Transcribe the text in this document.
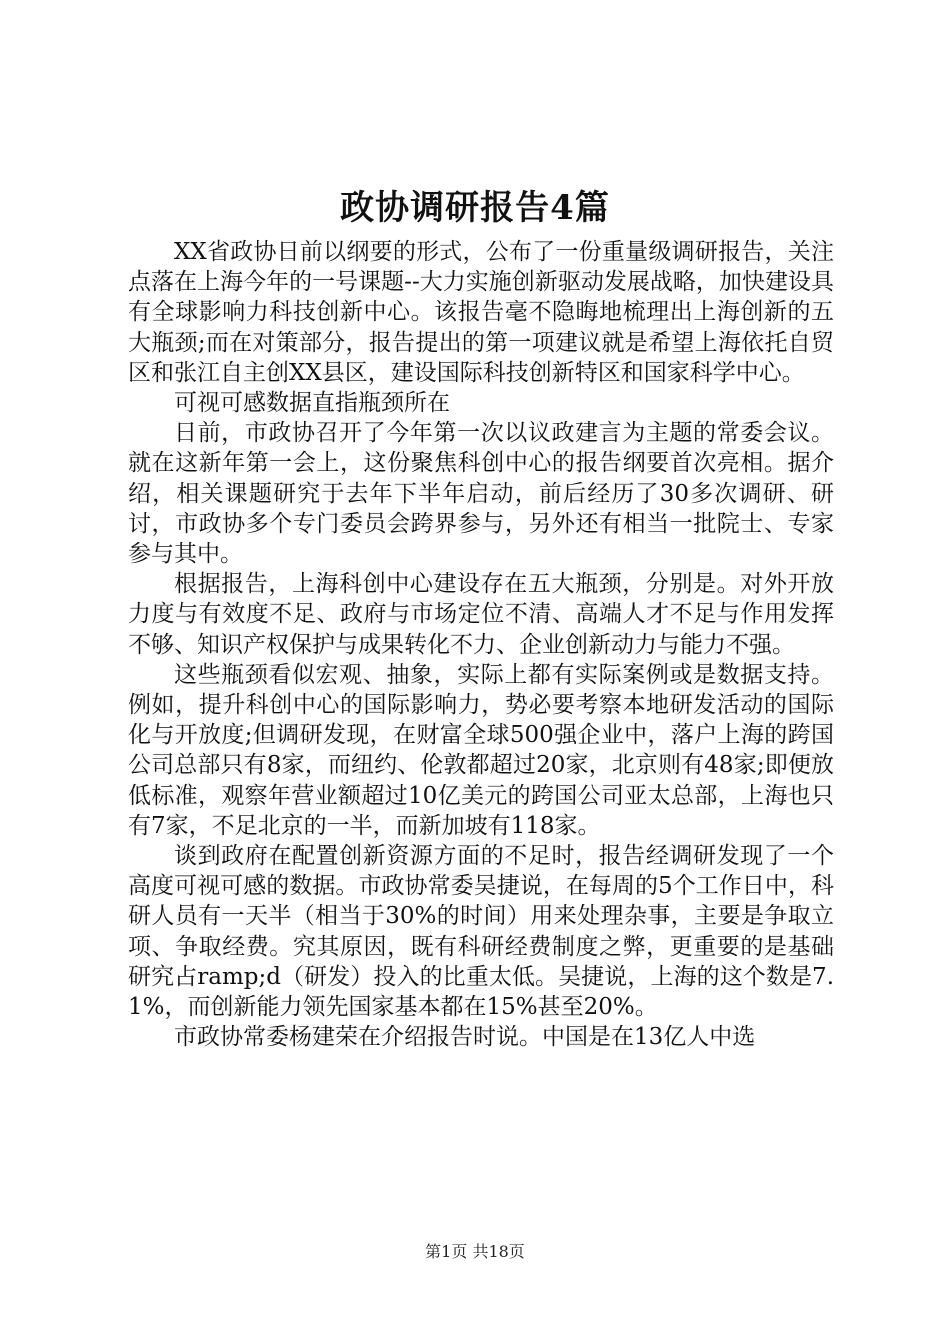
政协调研报告4篇

XX省政协日前以纲要的形式，公布了一份重量级调研报告，关注点落在上海今年的一号课题--大力实施创新驱动发展战略，加快建设具有全球影响力科技创新中心。该报告毫不隐晦地梳理出上海创新的五大瓶颈;而在对策部分，报告提出的第一项建议就是希望上海依托自贸区和张江自主创XX县区，建设国际科技创新特区和国家科学中心。

可视可感数据直指瓶颈所在

日前，市政协召开了今年第一次以议政建言为主题的常委会议。就在这新年第一会上，这份聚焦科创中心的报告纲要首次亮相。据介绍，相关课题研究于去年下半年启动，前后经历了30多次调研、研讨，市政协多个专门委员会跨界参与，另外还有相当一批院士、专家参与其中。

根据报告，上海科创中心建设存在五大瓶颈，分别是。对外开放力度与有效度不足、政府与市场定位不清、高端人才不足与作用发挥不够、知识产权保护与成果转化不力、企业创新动力与能力不强。

这些瓶颈看似宏观、抽象，实际上都有实际案例或是数据支持。例如，提升科创中心的国际影响力，势必要考察本地研发活动的国际化与开放度;但调研发现，在财富全球500强企业中，落户上海的跨国公司总部只有8家，而纽约、伦敦都超过20家，北京则有48家;即便放低标准，观察年营业额超过10亿美元的跨国公司亚太总部，上海也只有7家，不足北京的一半，而新加坡有118家。

谈到政府在配置创新资源方面的不足时，报告经调研发现了一个高度可视可感的数据。市政协常委吴捷说，在每周的5个工作日中，科研人员有一天半（相当于30%的时间）用来处理杂事，主要是争取立项、争取经费。究其原因，既有科研经费制度之弊，更重要的是基础研究占ramp;d（研发）投入的比重太低。吴捷说，上海的这个数是7.1%，而创新能力领先国家基本都在15%甚至20%。

市政协常委杨建荣在介绍报告时说。中国是在13亿人中选

第1页 共18页
